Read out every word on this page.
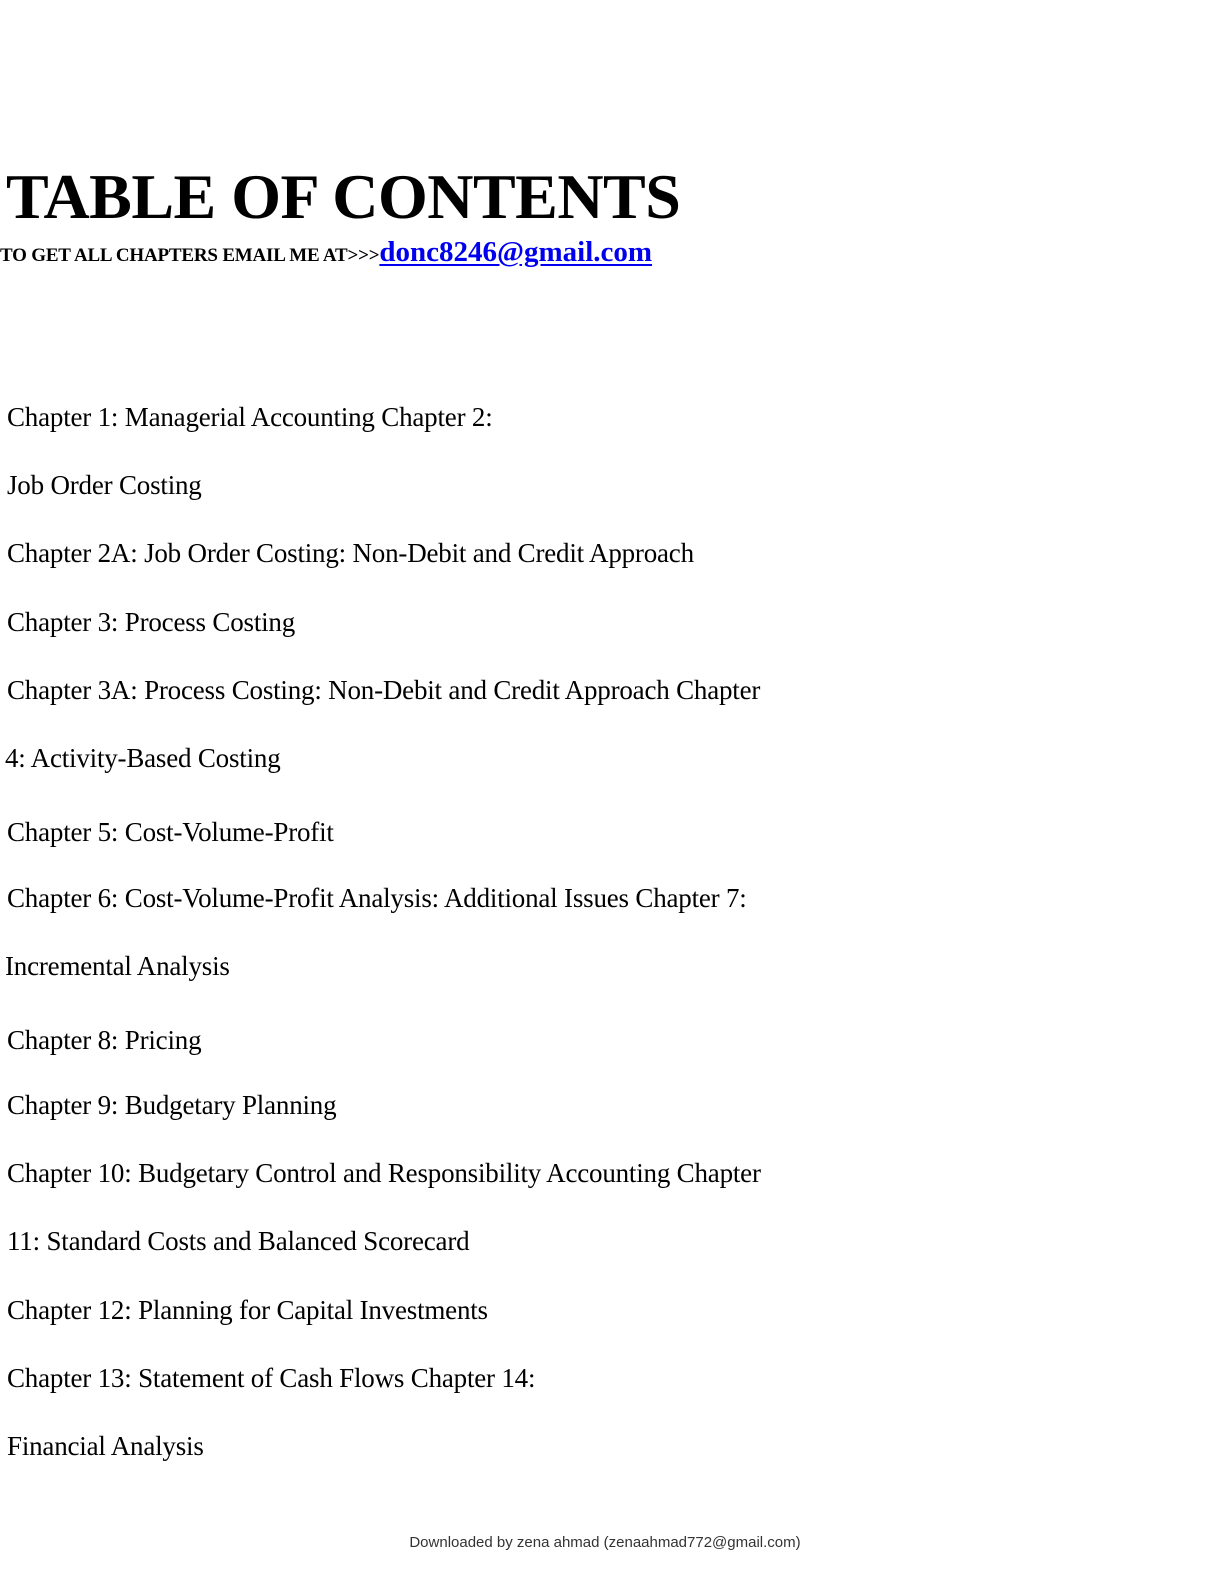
TABLE OF CONTENTS
TO GET ALL CHAPTERS EMAIL ME AT>>>donc8246@gmail.com
Chapter 1: Managerial Accounting Chapter 2:
Job Order Costing
Chapter 2A: Job Order Costing: Non-Debit and Credit Approach
Chapter 3: Process Costing
Chapter 3A: Process Costing: Non-Debit and Credit Approach Chapter
4: Activity-Based Costing
Chapter 5: Cost-Volume-Profit
Chapter 6: Cost-Volume-Profit Analysis: Additional Issues Chapter 7:
Incremental Analysis
Chapter 8: Pricing
Chapter 9: Budgetary Planning
Chapter 10: Budgetary Control and Responsibility Accounting Chapter
11: Standard Costs and Balanced Scorecard
Chapter 12: Planning for Capital Investments
Chapter 13: Statement of Cash Flows Chapter 14:
Financial Analysis
Downloaded by zena ahmad (zenaahmad772@gmail.com)
